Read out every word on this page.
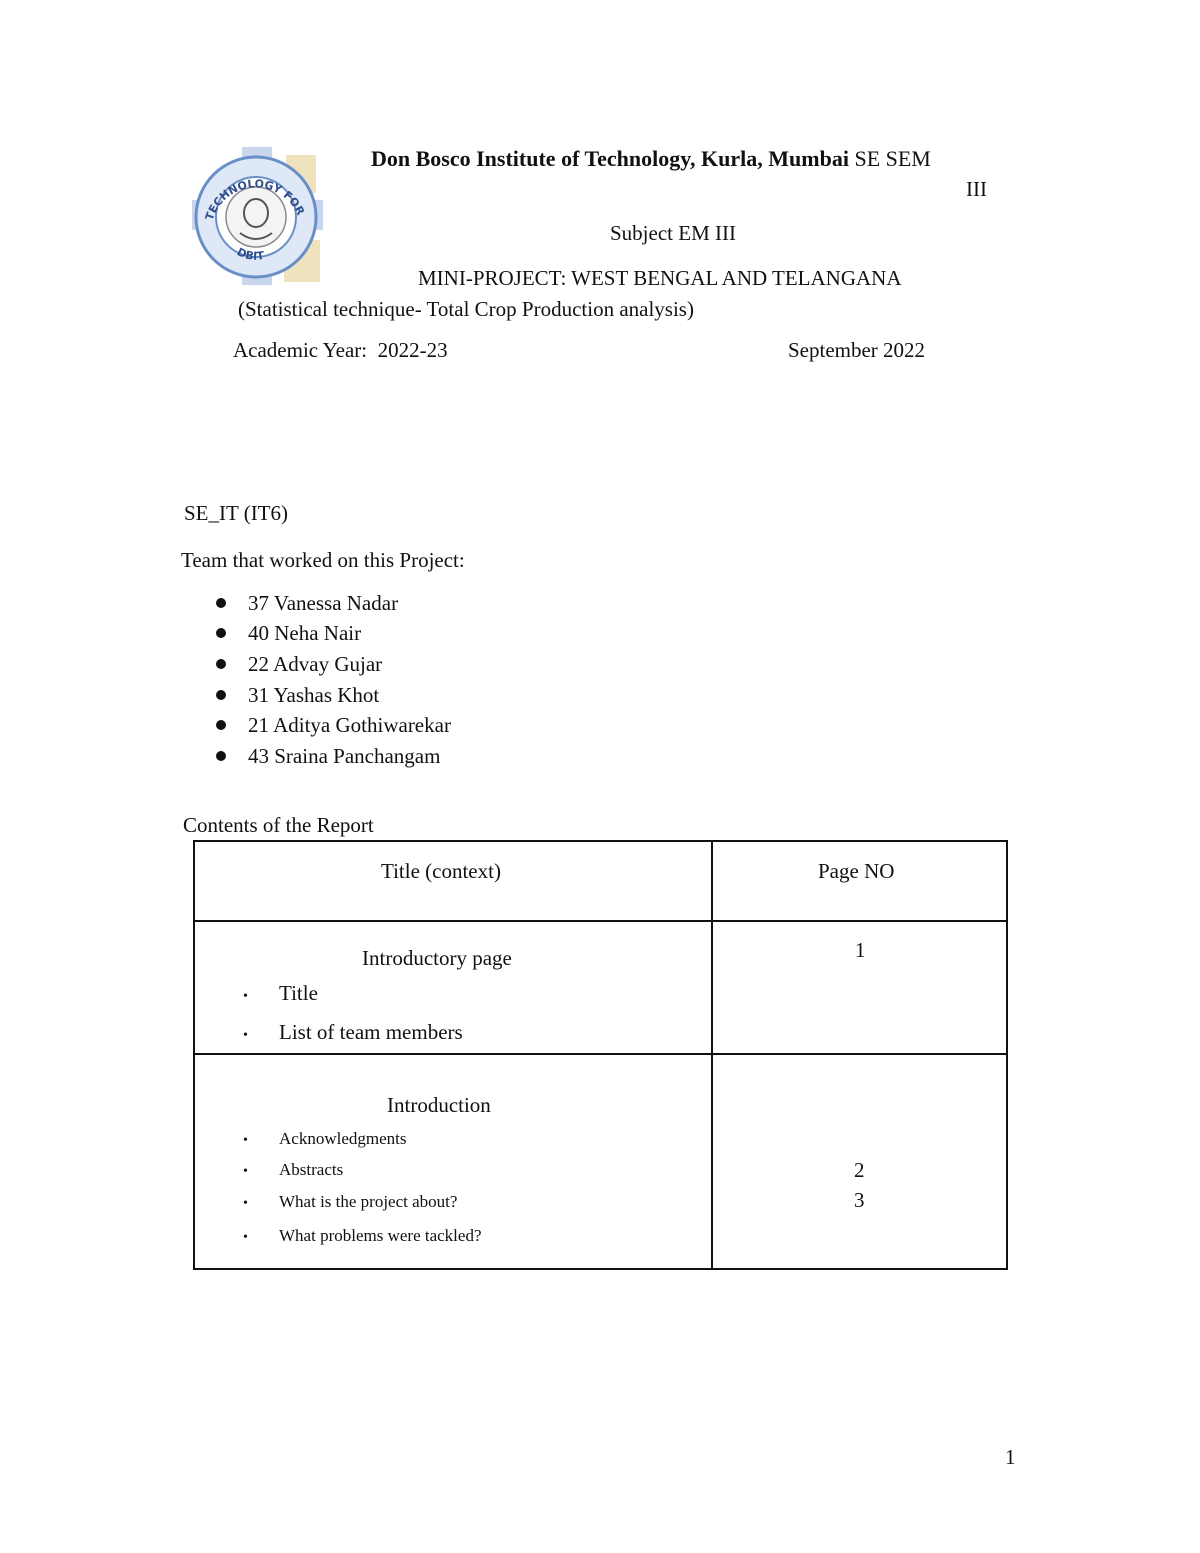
TECHNOLOGY FOR
DBIT
Don Bosco Institute of Technology, Kurla, Mumbai SE SEM
III
Subject EM III
MINI-PROJECT: WEST BENGAL AND TELANGANA
(Statistical technique- Total Crop Production analysis)
Academic Year:  2022-23	September 2022
SE_IT (IT6)
Team that worked on this Project:
37 Vanessa Nadar
40 Neha Nair
22 Advay Gujar
31 Yashas Khot
21 Aditya Gothiwarekar
43 Sraina Panchangam
Contents of the Report
Title (context)	Page NO
Introductory page
• Title
• List of team members
1
Introduction
• Acknowledgments
• Abstracts
• What is the project about?
• What problems were tackled?
2
3
1
